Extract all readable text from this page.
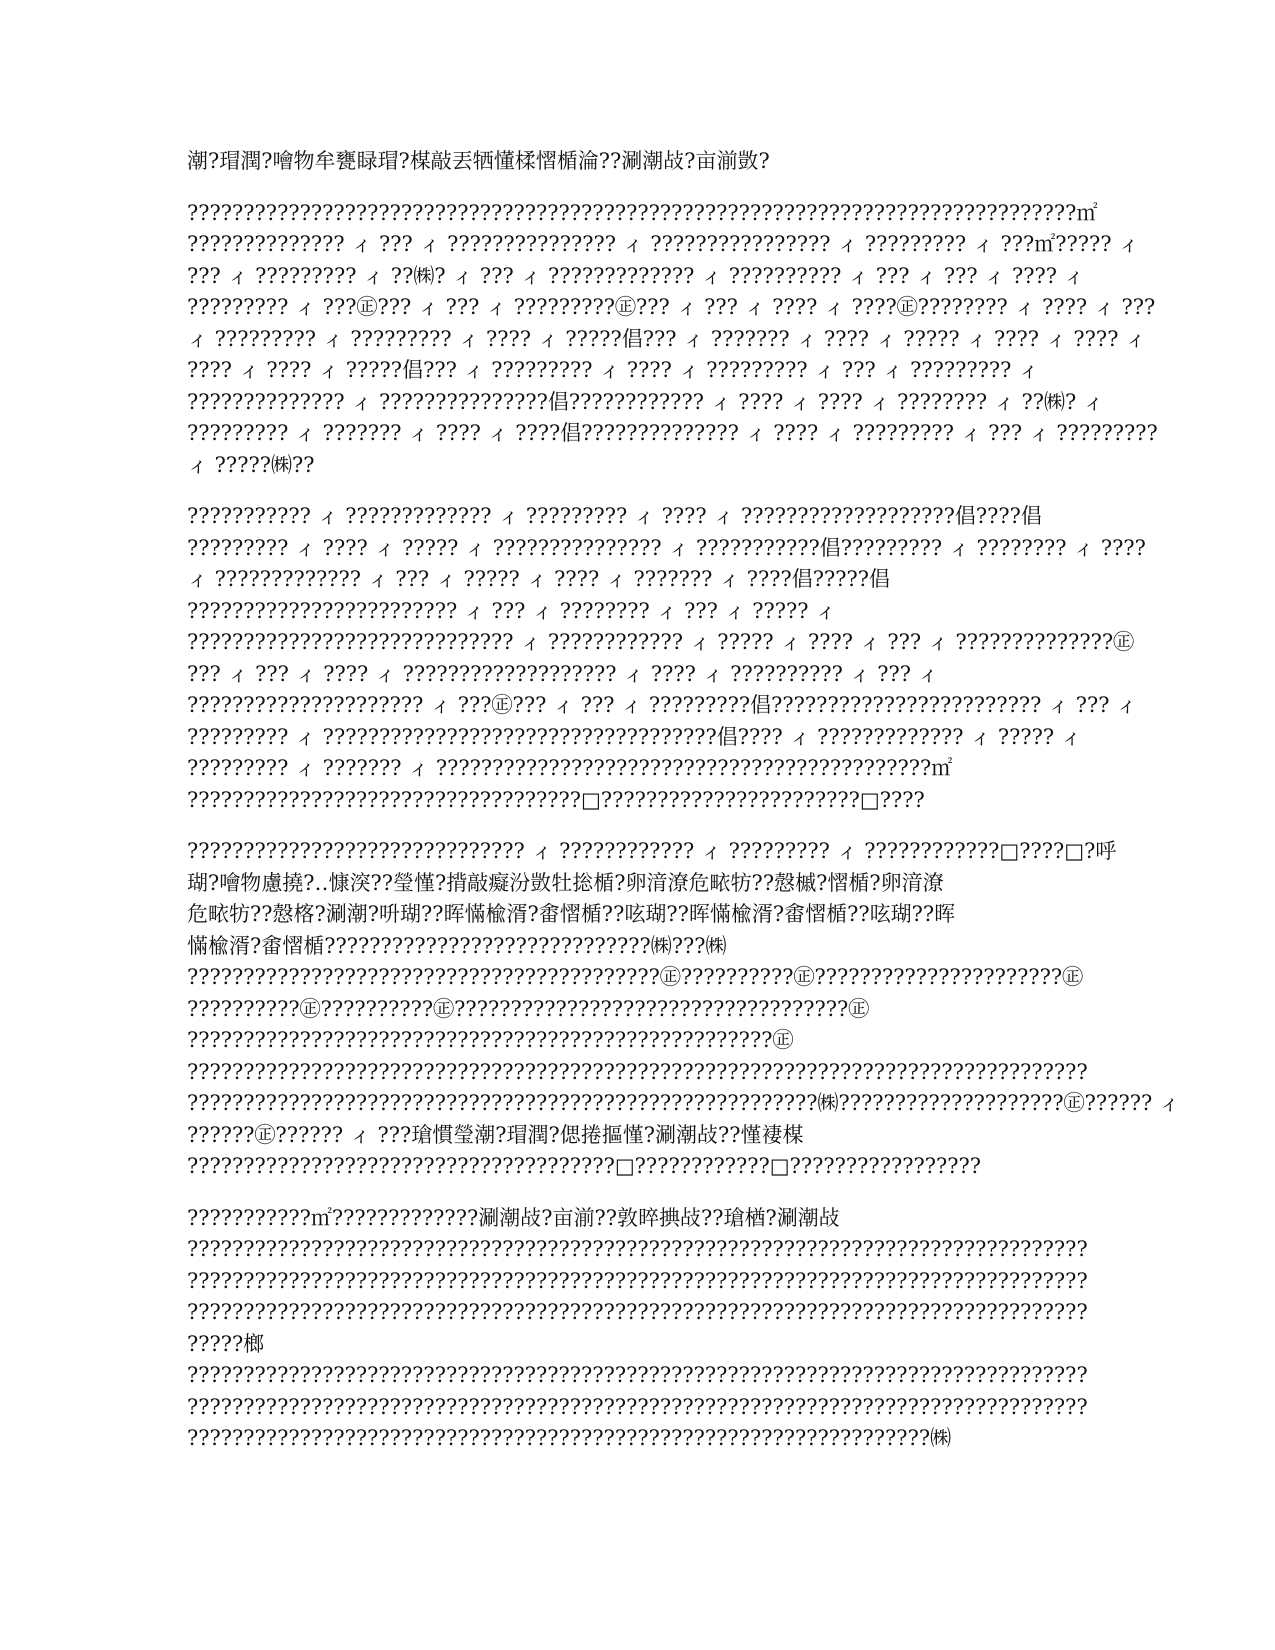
潮?瑁潤?噲物牟甕睩瑁?楳敲丟牺懂楺慴楯淪??涮潮敁?亩湔敳?
???????????????????????????????????????????????????????????????????????????????㎡
?????????????? ィ ??? ィ ??????????????? ィ ???????????????? ィ ????????? ィ ???㎡????? ィ
??? ィ ????????? ィ ??㈱? ィ ??? ィ ????????????? ィ ?????????? ィ ??? ィ ??? ィ ???? ィ
????????? ィ ???㊣??? ィ ??? ィ ?????????㊣??? ィ ??? ィ ???? ィ ????㊣???????? ィ ???? ィ ???
ィ ????????? ィ ????????? ィ ???? ィ ?????倡??? ィ ??????? ィ ???? ィ ????? ィ ???? ィ ???? ィ
???? ィ ???? ィ ?????倡??? ィ ????????? ィ ???? ィ ????????? ィ ??? ィ ????????? ィ
?????????????? ィ ???????????????倡???????????? ィ ???? ィ ???? ィ ???????? ィ ??㈱? ィ
????????? ィ ??????? ィ ???? ィ ????倡?????????????? ィ ???? ィ ????????? ィ ??? ィ ?????????
ィ ?????㈱??
??????????? ィ ????????????? ィ ????????? ィ ???? ィ ???????????????????倡????倡
????????? ィ ???? ィ ????? ィ ??????????????? ィ ???????????倡????????? ィ ???????? ィ ????
ィ ????????????? ィ ??? ィ ????? ィ ???? ィ ??????? ィ ????倡?????倡
???????????????????????? ィ ??? ィ ???????? ィ ??? ィ ????? ィ
????????????????????????????? ィ ???????????? ィ ????? ィ ???? ィ ??? ィ ??????????????㊣
??? ィ ??? ィ ???? ィ ??????????????????? ィ ???? ィ ?????????? ィ ??? ィ
????????????????????? ィ ???㊣??? ィ ??? ィ ?????????倡???????????????????????? ィ ??? ィ
????????? ィ ???????????????????????????????????倡???? ィ ????????????? ィ ????? ィ
????????? ィ ??????? ィ ????????????????????????????????????????????㎡
???????????????????????????????????□???????????????????????□????
?????????????????????????????? ィ ???????????? ィ ????????? ィ ????????????□????□?呼
瑚?噲物慮撓?‥慷湥??瑩慬?揹敲癡汾敳牡捴楯?卵湇潦危畩牥??慤槭?慴楯?卵湇潦
危畩牥??慤楁?涮潮?呏瑚??晖慲楡湑?畬慴楯??呟瑚??晖慲楡湑?畬慴楯??呟瑚??晖
慲楡湑?畬慴楯?????????????????????????????㈱???㈱
??????????????????????????????????????????㊣??????????㊣??????????????????????㊣
??????????㊣??????????㊣???????????????????????????????????㊣
????????????????????????????????????????????????????㊣
????????????????????????????????????????????????????????????????????????????????
????????????????????????????????????????????????????????㈱????????????????????㊣?????? ィ
??????㊣?????? ィ ???瑲慣瑩潮?瑁潤?偲捲摳慬?涮潮敁??慬褄楳
??????????????????????????????????????□????????????□?????????????????
???????????㎡?????????????涮潮敁?亩湔??敦晬捵敁??瑲楢?涮潮敁
????????????????????????????????????????????????????????????????????????????????
????????????????????????????????????????????????????????????????????????????????
????????????????????????????????????????????????????????????????????????????????
?????榔
????????????????????????????????????????????????????????????????????????????????
????????????????????????????????????????????????????????????????????????????????
??????????????????????????????????????????????????????????????????㈱
